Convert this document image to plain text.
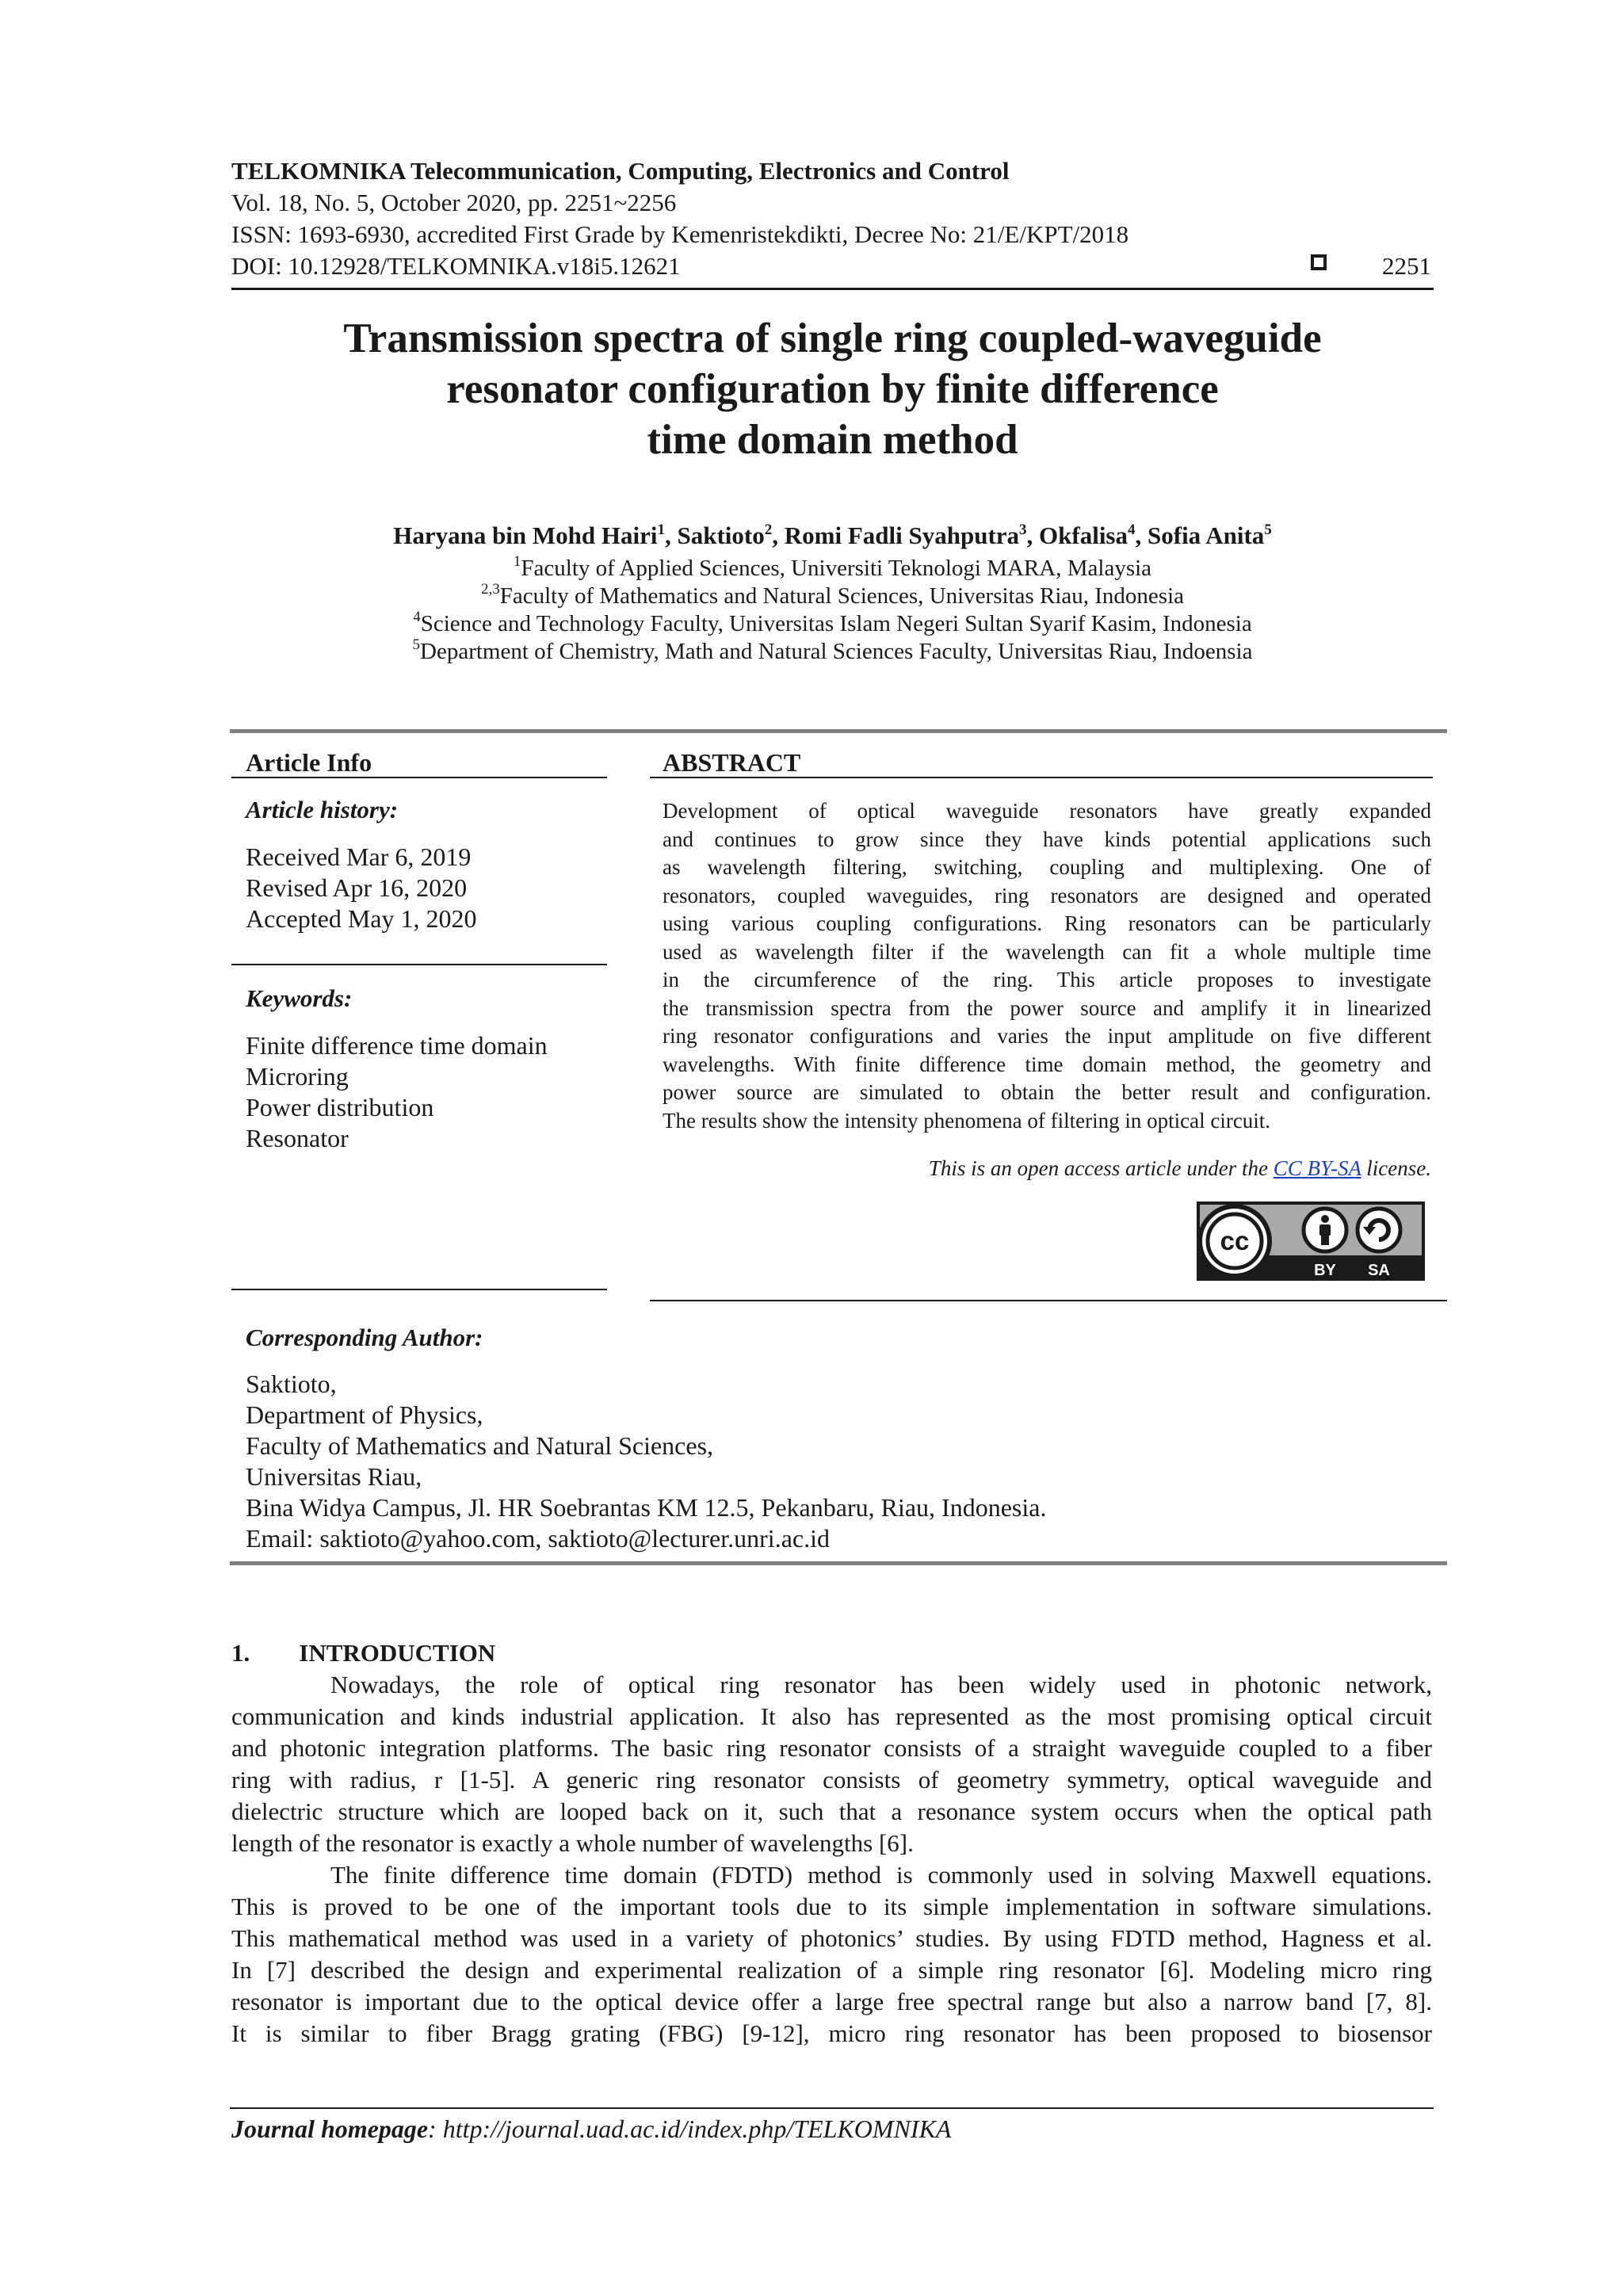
TELKOMNIKA Telecommunication, Computing, Electronics and Control
Vol. 18, No. 5, October 2020, pp. 2251~2256
ISSN: 1693-6930, accredited First Grade by Kemenristekdikti, Decree No: 21/E/KPT/2018
DOI: 10.12928/TELKOMNIKA.v18i5.12621	2251
Transmission spectra of single ring coupled-waveguide
resonator configuration by finite difference
time domain method
Haryana bin Mohd Hairi$^1$, Saktioto$^2$, Romi Fadli Syahputra$^3$, Okfalisa$^4$, Sofia Anita$^5$
$^1$Faculty of Applied Sciences, Universiti Teknologi MARA, Malaysia
$^{2,3}$Faculty of Mathematics and Natural Sciences, Universitas Riau, Indonesia
$^4$Science and Technology Faculty, Universitas Islam Negeri Sultan Syarif Kasim, Indonesia
$^5$Department of Chemistry, Math and Natural Sciences Faculty, Universitas Riau, Indoensia
Article Info
Article history:
Received Mar 6, 2019
Revised Apr 16, 2020
Accepted May 1, 2020
Keywords:
Finite difference time domain
Microring
Power distribution
Resonator
ABSTRACT
Development of optical waveguide resonators have greatly expanded
and continues to grow since they have kinds potential applications such
as wavelength filtering, switching, coupling and multiplexing. One of
resonators, coupled waveguides, ring resonators are designed and operated
using various coupling configurations. Ring resonators can be particularly
used as wavelength filter if the wavelength can fit a whole multiple time
in the circumference of the ring. This article proposes to investigate
the transmission spectra from the power source and amplify it in linearized
ring resonator configurations and varies the input amplitude on five different
wavelengths. With finite difference time domain method, the geometry and
power source are simulated to obtain the better result and configuration.
The results show the intensity phenomena of filtering in optical circuit.
This is an open access article under the CC BY-SA license.
cc
BY SA
Corresponding Author:
Saktioto,
Department of Physics,
Faculty of Mathematics and Natural Sciences,
Universitas Riau,
Bina Widya Campus, Jl. HR Soebrantas KM 12.5, Pekanbaru, Riau, Indonesia.
Email: saktioto@yahoo.com, saktioto@lecturer.unri.ac.id
1.  INTRODUCTION
Nowadays, the role of optical ring resonator has been widely used in photonic network,
communication and kinds industrial application. It also has represented as the most promising optical circuit
and photonic integration platforms. The basic ring resonator consists of a straight waveguide coupled to a fiber
ring with radius, r [1-5]. A generic ring resonator consists of geometry symmetry, optical waveguide and
dielectric structure which are looped back on it, such that a resonance system occurs when the optical path
length of the resonator is exactly a whole number of wavelengths [6].
The finite difference time domain (FDTD) method is commonly used in solving Maxwell equations.
This is proved to be one of the important tools due to its simple implementation in software simulations.
This mathematical method was used in a variety of photonics’ studies. By using FDTD method, Hagness et al.
In [7] described the design and experimental realization of a simple ring resonator [6]. Modeling micro ring
resonator is important due to the optical device offer a large free spectral range but also a narrow band [7, 8].
It is similar to fiber Bragg grating (FBG) [9-12], micro ring resonator has been proposed to biosensor
Journal homepage: http://journal.uad.ac.id/index.php/TELKOMNIKA
